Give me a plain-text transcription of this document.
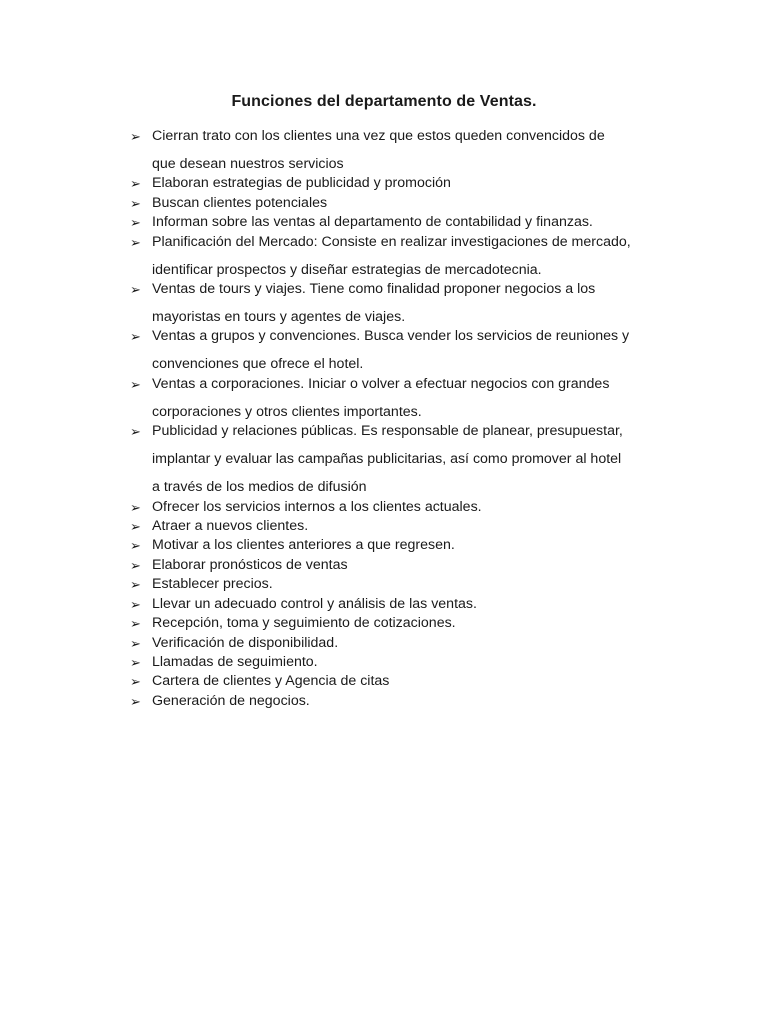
Funciones del departamento de Ventas.
➢ Cierran trato con los clientes una vez que estos queden convencidos de
que desean nuestros servicios
➢ Elaboran estrategias de publicidad y promoción
➢ Buscan clientes potenciales
➢ Informan sobre las ventas al departamento de contabilidad y finanzas.
➢ Planificación del Mercado: Consiste en realizar investigaciones de mercado,
identificar prospectos y diseñar estrategias de mercadotecnia.
➢ Ventas de tours y viajes. Tiene como finalidad proponer negocios a los
mayoristas en tours y agentes de viajes.
➢ Ventas a grupos y convenciones. Busca vender los servicios de reuniones y
convenciones que ofrece el hotel.
➢ Ventas a corporaciones. Iniciar o volver a efectuar negocios con grandes
corporaciones y otros clientes importantes.
➢ Publicidad y relaciones públicas. Es responsable de planear, presupuestar,
implantar y evaluar las campañas publicitarias, así como promover al hotel
a través de los medios de difusión
➢ Ofrecer los servicios internos a los clientes actuales.
➢ Atraer a nuevos clientes.
➢ Motivar a los clientes anteriores a que regresen.
➢ Elaborar pronósticos de ventas
➢ Establecer precios.
➢ Llevar un adecuado control y análisis de las ventas.
➢ Recepción, toma y seguimiento de cotizaciones.
➢ Verificación de disponibilidad.
➢ Llamadas de seguimiento.
➢ Cartera de clientes y Agencia de citas
➢ Generación de negocios.
